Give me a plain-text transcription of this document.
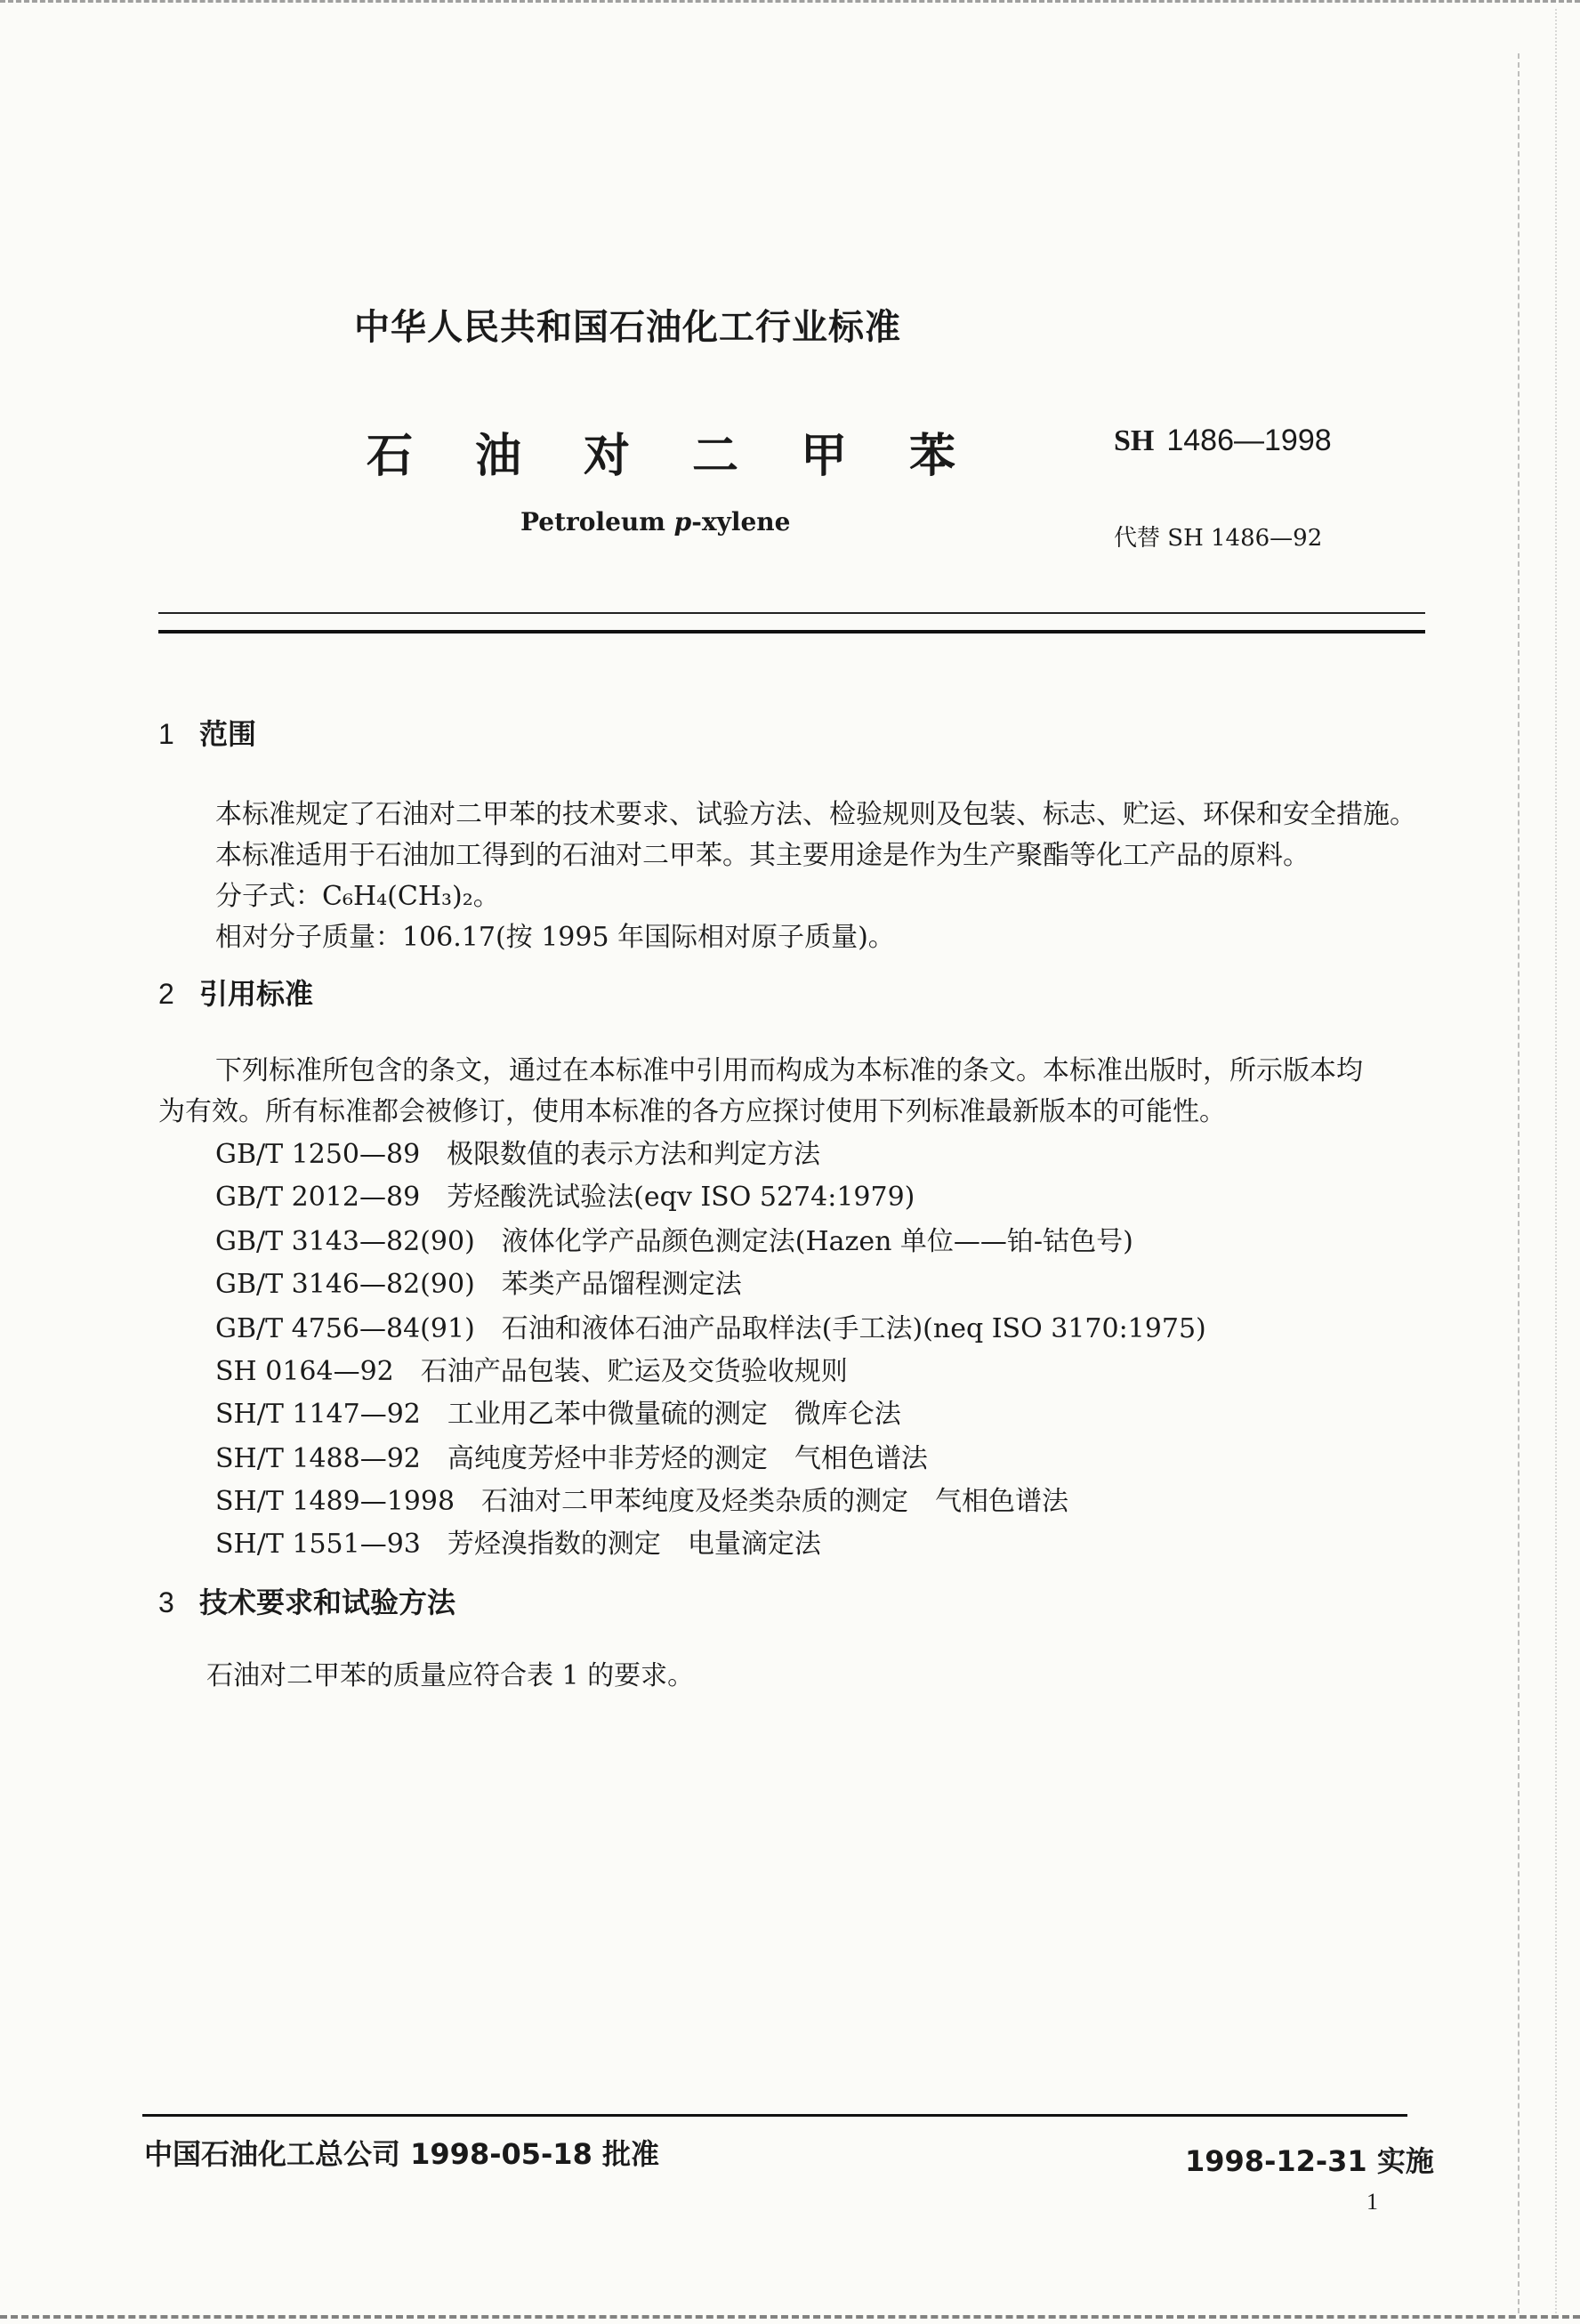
中华人民共和国石油化工行业标准
石 油 对 二 甲 苯	SH 1486—1998
Petroleum p-xylene
代替 SH 1486—92
1 范围
本标准规定了石油对二甲苯的技术要求、试验方法、检验规则及包装、标志、贮运、环保和安全措施。
本标准适用于石油加工得到的石油对二甲苯。其主要用途是作为生产聚酯等化工产品的原料。
分子式：C₆H₄(CH₃)₂。
相对分子质量：106.17(按 1995 年国际相对原子质量)。
2 引用标准
下列标准所包含的条文，通过在本标准中引用而构成为本标准的条文。本标准出版时，所示版本均
为有效。所有标准都会被修订，使用本标准的各方应探讨使用下列标准最新版本的可能性。
GB/T 1250—89　极限数值的表示方法和判定方法
GB/T 2012—89　芳烃酸洗试验法(eqv ISO 5274:1979)
GB/T 3143—82(90)　液体化学产品颜色测定法(Hazen 单位——铂-钴色号)
GB/T 3146—82(90)　苯类产品馏程测定法
GB/T 4756—84(91)　石油和液体石油产品取样法(手工法)(neq ISO 3170:1975)
SH 0164—92　石油产品包装、贮运及交货验收规则
SH/T 1147—92　工业用乙苯中微量硫的测定　微库仑法
SH/T 1488—92　高纯度芳烃中非芳烃的测定　气相色谱法
SH/T 1489—1998　石油对二甲苯纯度及烃类杂质的测定　气相色谱法
SH/T 1551—93　芳烃溴指数的测定　电量滴定法
3 技术要求和试验方法
石油对二甲苯的质量应符合表 1 的要求。
中国石油化工总公司 1998-05-18 批准	1998-12-31 实施
1
